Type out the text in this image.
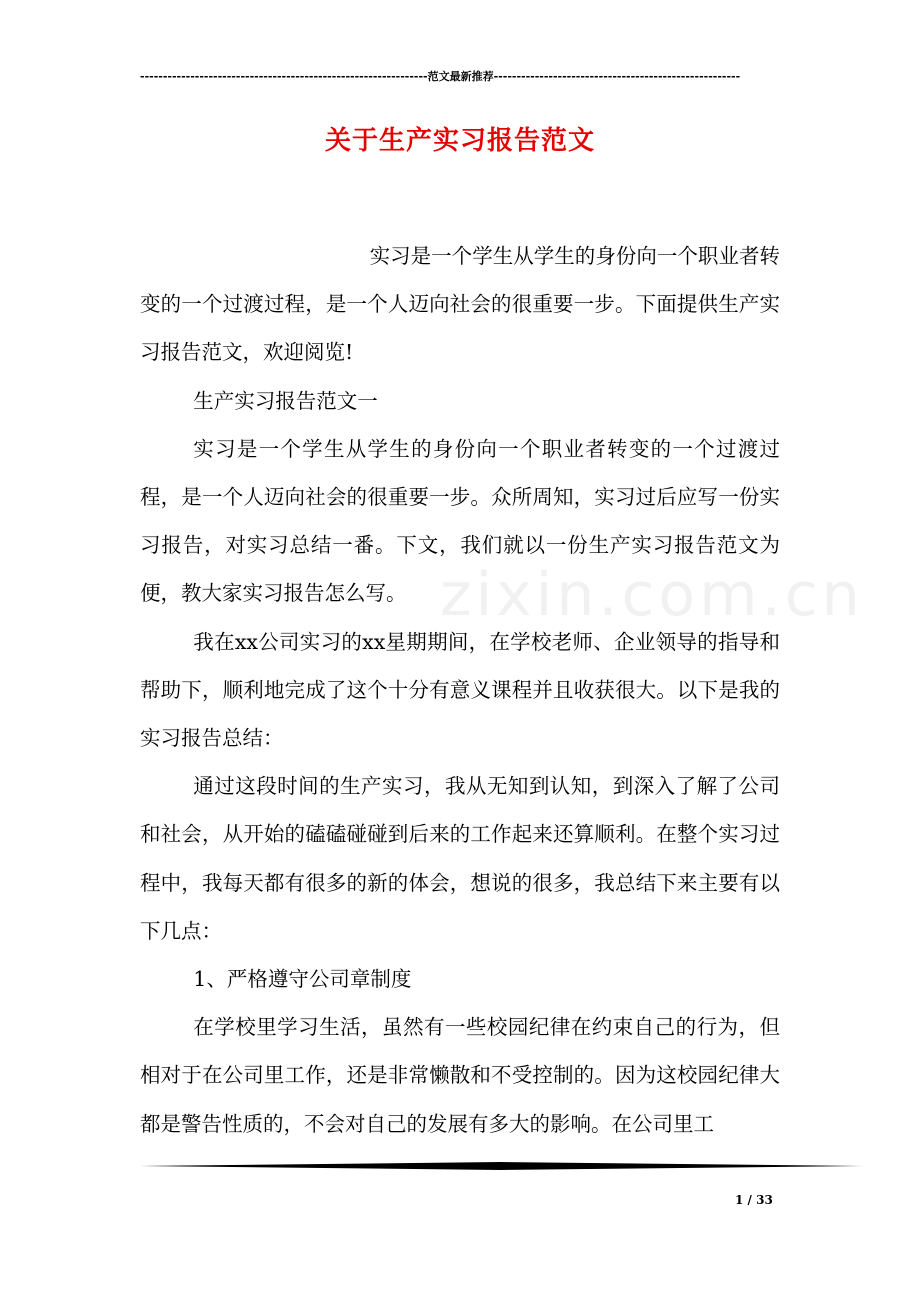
---------------------------------------------------------------范文最新推荐------------------------------------------------------
关于生产实习报告范文
zixin.com.cn

实习是一个学生从学生的身份向一个职业者转变的一个过渡过程，是一个人迈向社会的很重要一步。下面提供生产实习报告范文，欢迎阅览!

生产实习报告范文一

实习是一个学生从学生的身份向一个职业者转变的一个过渡过程，是一个人迈向社会的很重要一步。众所周知，实习过后应写一份实习报告，对实习总结一番。下文，我们就以一份生产实习报告范文为便，教大家实习报告怎么写。

我在xx公司实习的xx星期期间，在学校老师、企业领导的指导和帮助下，顺利地完成了这个十分有意义课程并且收获很大。以下是我的实习报告总结：

通过这段时间的生产实习，我从无知到认知，到深入了解了公司和社会，从开始的磕磕碰碰到后来的工作起来还算顺利。在整个实习过程中，我每天都有很多的新的体会，想说的很多，我总结下来主要有以下几点：

1、严格遵守公司章制度

在学校里学习生活，虽然有一些校园纪律在约束自己的行为，但相对于在公司里工作，还是非常懒散和不受控制的。因为这校园纪律大都是警告性质的，不会对自己的发展有多大的影响。在公司里工

1 / 33
